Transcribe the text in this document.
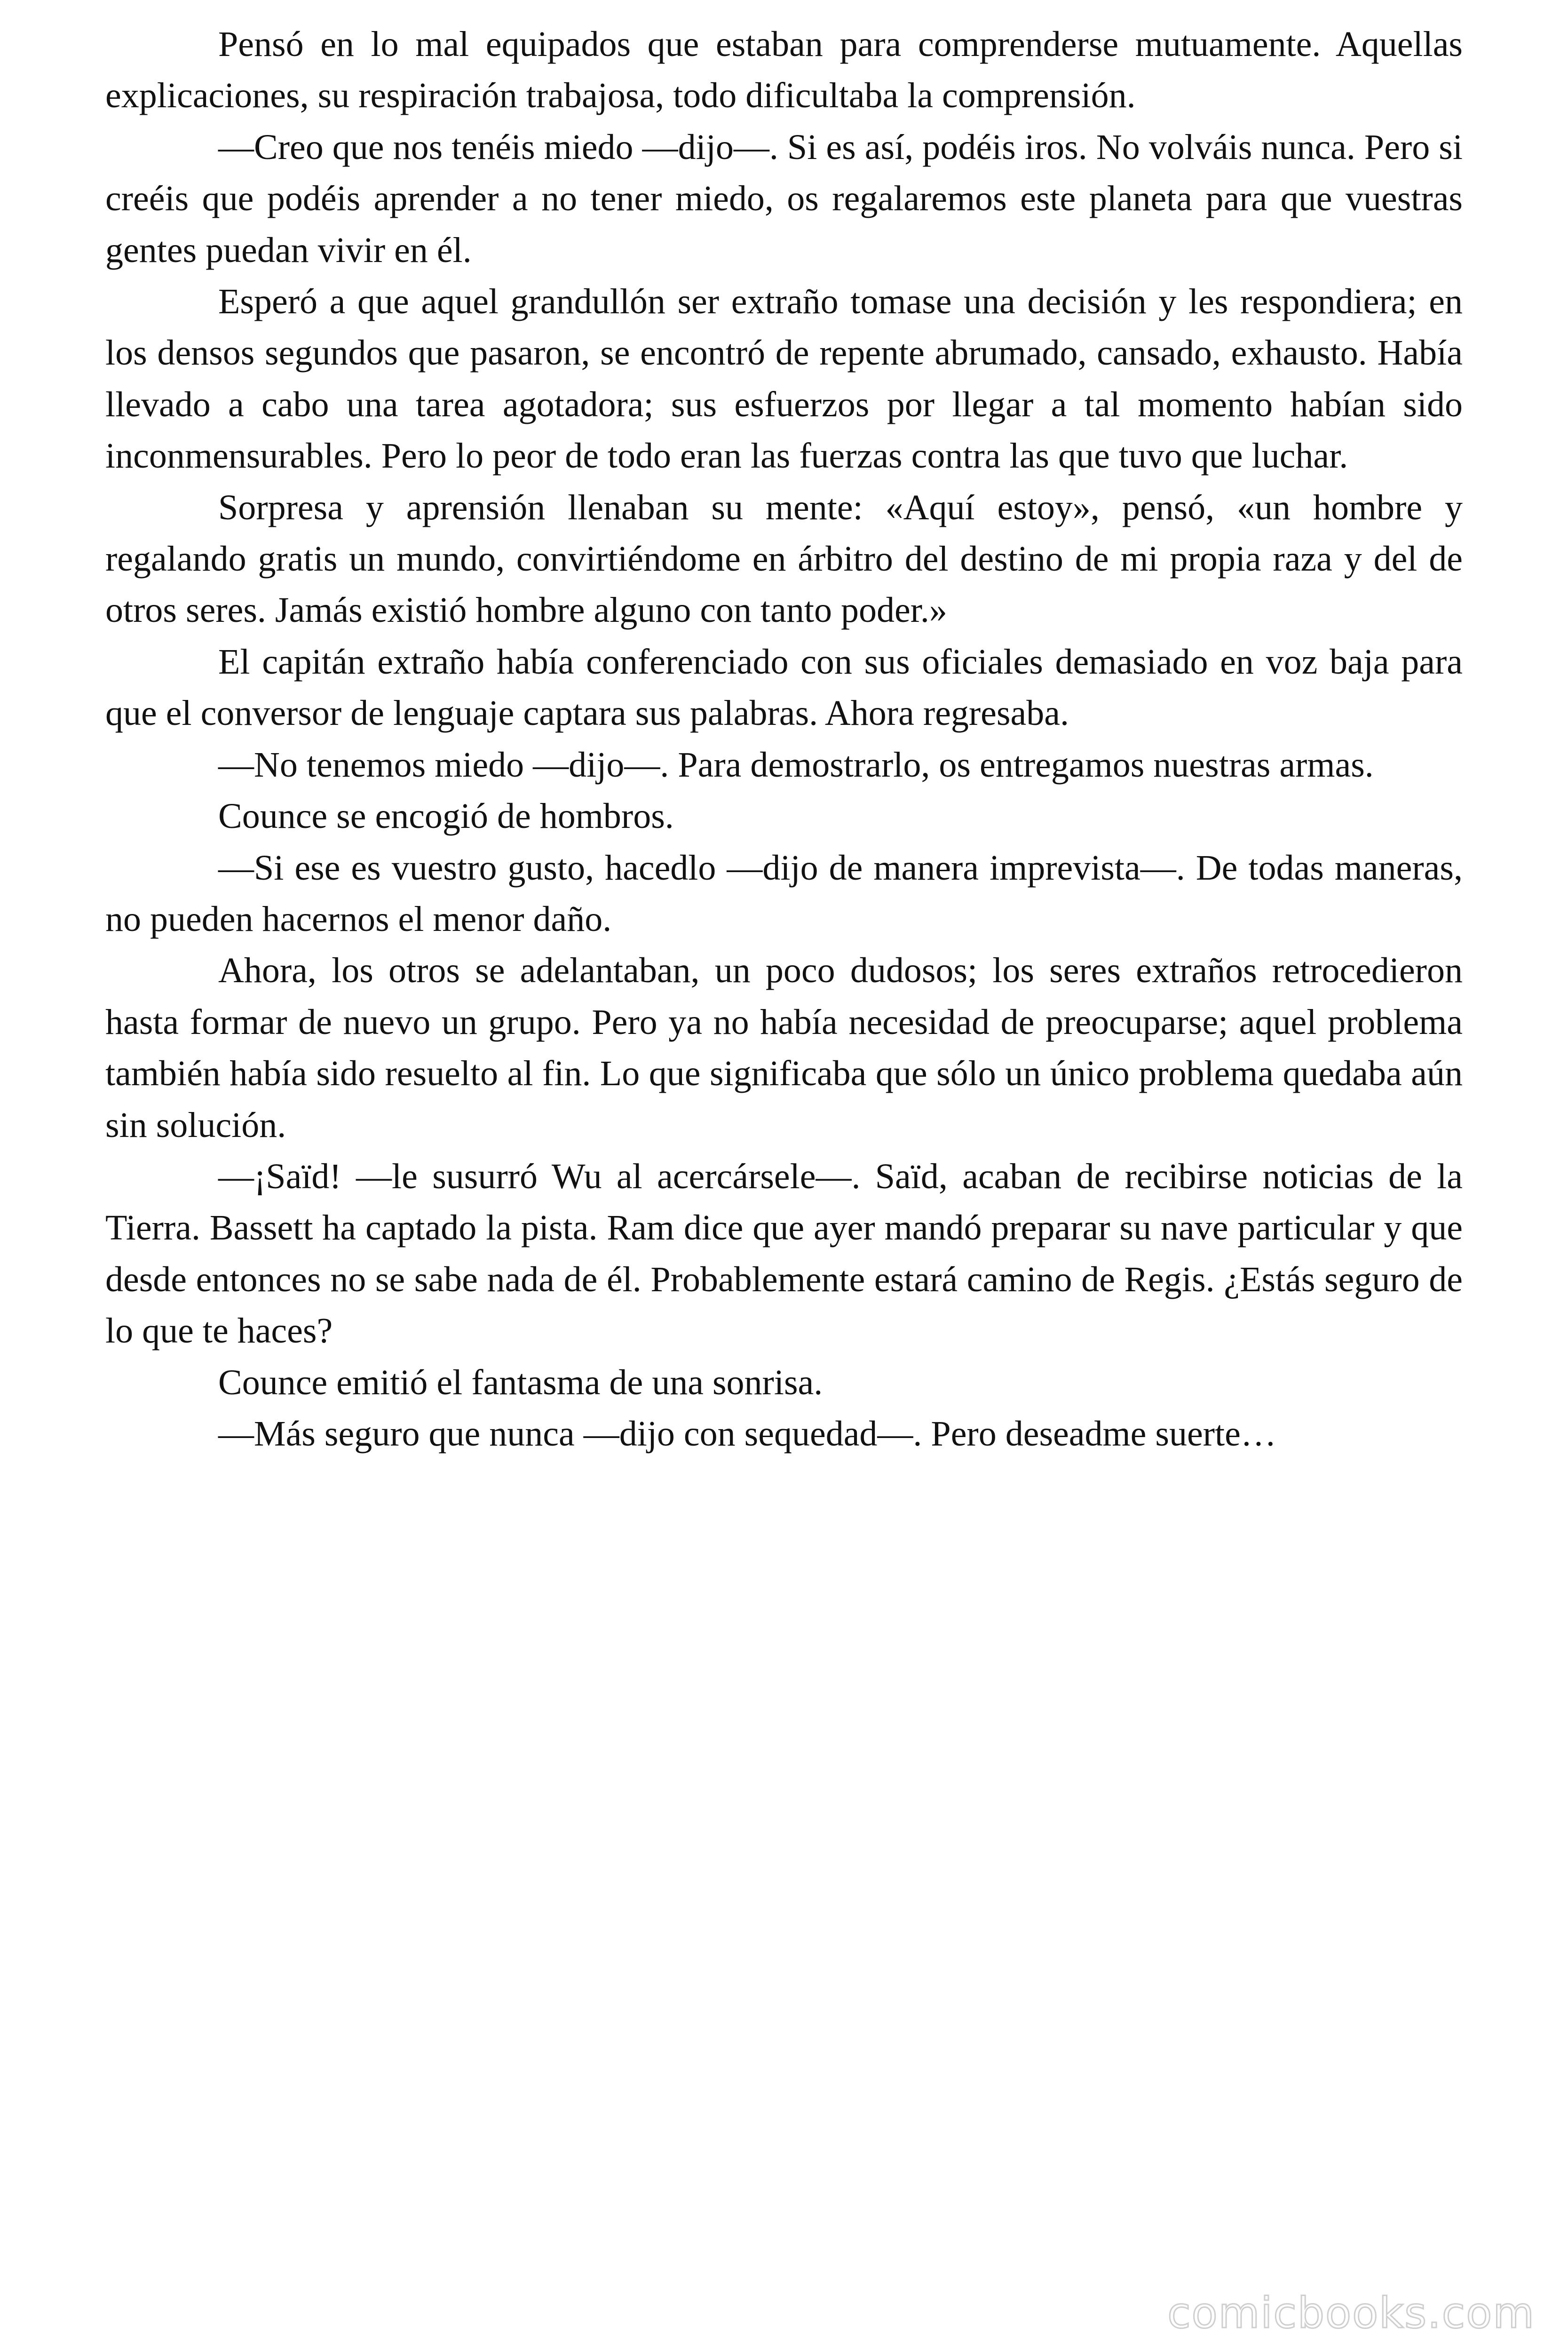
Pensó en lo mal equipados que estaban para comprenderse mutuamente. Aquellas explicaciones, su respiración trabajosa, todo dificultaba la comprensión.

—Creo que nos tenéis miedo —dijo—. Si es así, podéis iros. No volváis nunca. Pero si creéis que podéis aprender a no tener miedo, os regalaremos este planeta para que vuestras gentes puedan vivir en él.

Esperó a que aquel grandullón ser extraño tomase una decisión y les respondiera; en los densos segundos que pasaron, se encontró de repente abrumado, cansado, exhausto. Había llevado a cabo una tarea agotadora; sus esfuerzos por llegar a tal momento habían sido inconmensurables. Pero lo peor de todo eran las fuerzas contra las que tuvo que luchar.

Sorpresa y aprensión llenaban su mente: «Aquí estoy», pensó, «un hombre y regalando gratis un mundo, convirtiéndome en árbitro del destino de mi propia raza y del de otros seres. Jamás existió hombre alguno con tanto poder.»

El capitán extraño había conferenciado con sus oficiales demasiado en voz baja para que el conversor de lenguaje captara sus palabras. Ahora regresaba.

—No tenemos miedo —dijo—. Para demostrarlo, os entregamos nuestras armas.

Counce se encogió de hombros.

—Si ese es vuestro gusto, hacedlo —dijo de manera imprevista—. De todas maneras, no pueden hacernos el menor daño.

Ahora, los otros se adelantaban, un poco dudosos; los seres extraños retrocedieron hasta formar de nuevo un grupo. Pero ya no había necesidad de preocuparse; aquel problema también había sido resuelto al fin. Lo que significaba que sólo un único problema quedaba aún sin solución.

—¡Saïd! —le susurró Wu al acercársele—. Saïd, acaban de recibirse noticias de la Tierra. Bassett ha captado la pista. Ram dice que ayer mandó preparar su nave particular y que desde entonces no se sabe nada de él. Probablemente estará camino de Regis. ¿Estás seguro de lo que te haces?

Counce emitió el fantasma de una sonrisa.

—Más seguro que nunca —dijo con sequedad—. Pero deseadme suerte…

comicbooks.com
